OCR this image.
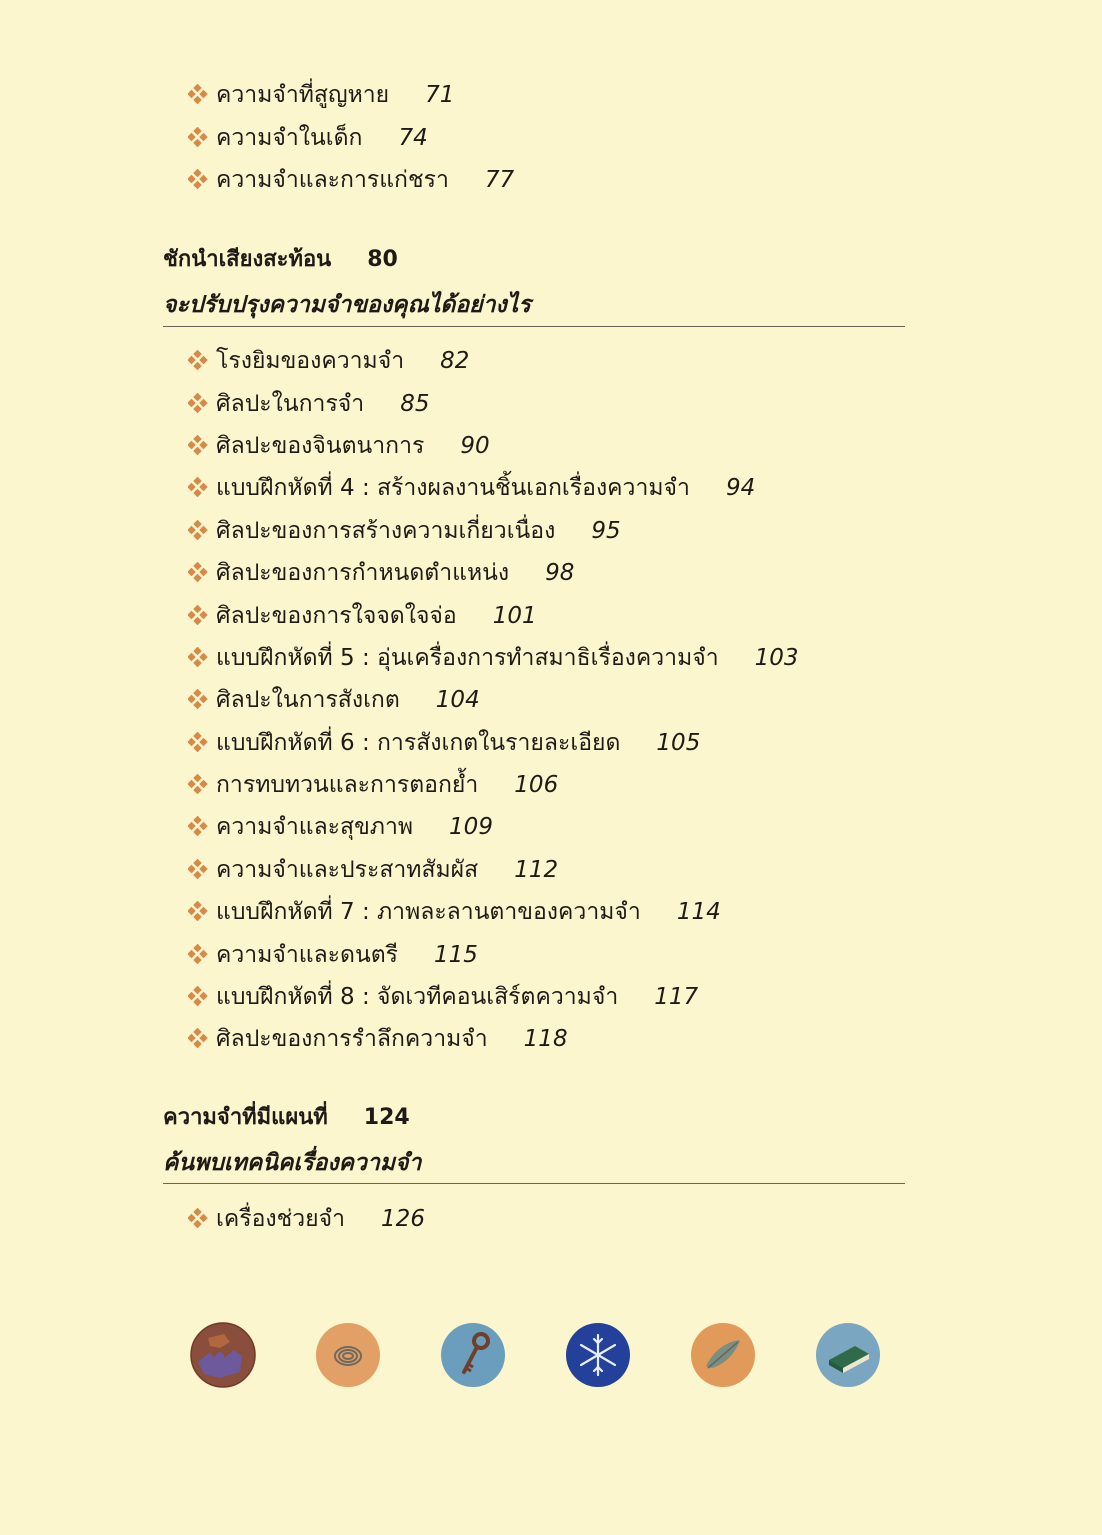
ความจำที่สูญหาย 71
ความจำในเด็ก 74
ความจำและการแก่ชรา 77
ชักนำเสียงสะท้อน 80
จะปรับปรุงความจำของคุณได้อย่างไร
โรงยิมของความจำ 82
ศิลปะในการจำ 85
ศิลปะของจินตนาการ 90
แบบฝึกหัดที่ 4 : สร้างผลงานชิ้นเอกเรื่องความจำ 94
ศิลปะของการสร้างความเกี่ยวเนื่อง 95
ศิลปะของการกำหนดตำแหน่ง 98
ศิลปะของการใจจดใจจ่อ 101
แบบฝึกหัดที่ 5 : อุ่นเครื่องการทำสมาธิเรื่องความจำ 103
ศิลปะในการสังเกต 104
แบบฝึกหัดที่ 6 : การสังเกตในรายละเอียด 105
การทบทวนและการตอกย้ำ 106
ความจำและสุขภาพ 109
ความจำและประสาทสัมผัส 112
แบบฝึกหัดที่ 7 : ภาพละลานตาของความจำ 114
ความจำและดนตรี 115
แบบฝึกหัดที่ 8 : จัดเวทีคอนเสิร์ตความจำ 117
ศิลปะของการรำลึกความจำ 118
ความจำที่มีแผนที่ 124
ค้นพบเทคนิคเรื่องความจำ
เครื่องช่วยจำ 126
